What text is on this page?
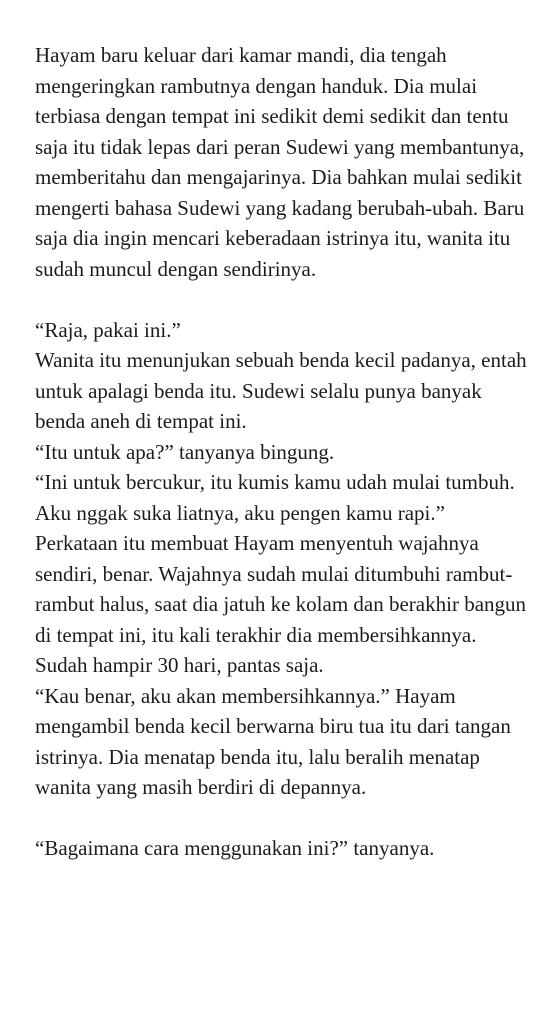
Hayam baru keluar dari kamar mandi, dia tengah mengeringkan rambutnya dengan handuk. Dia mulai terbiasa dengan tempat ini sedikit demi sedikit dan tentu saja itu tidak lepas dari peran Sudewi yang membantunya, memberitahu dan mengajarinya. Dia bahkan mulai sedikit mengerti bahasa Sudewi yang kadang berubah-ubah. Baru saja dia ingin mencari keberadaan istrinya itu, wanita itu sudah muncul dengan sendirinya.

“Raja, pakai ini.”

Wanita itu menunjukan sebuah benda kecil padanya, entah untuk apalagi benda itu. Sudewi selalu punya banyak benda aneh di tempat ini.

“Itu untuk apa?” tanyanya bingung.

“Ini untuk bercukur, itu kumis kamu udah mulai tumbuh. Aku nggak suka liatnya, aku pengen kamu rapi.”

Perkataan itu membuat Hayam menyentuh wajahnya sendiri, benar. Wajahnya sudah mulai ditumbuhi rambut-rambut halus, saat dia jatuh ke kolam dan berakhir bangun di tempat ini, itu kali terakhir dia membersihkannya. Sudah hampir 30 hari, pantas saja.

“Kau benar, aku akan membersihkannya.” Hayam mengambil benda kecil berwarna biru tua itu dari tangan istrinya. Dia menatap benda itu, lalu beralih menatap wanita yang masih berdiri di depannya.

“Bagaimana cara menggunakan ini?” tanyanya.
